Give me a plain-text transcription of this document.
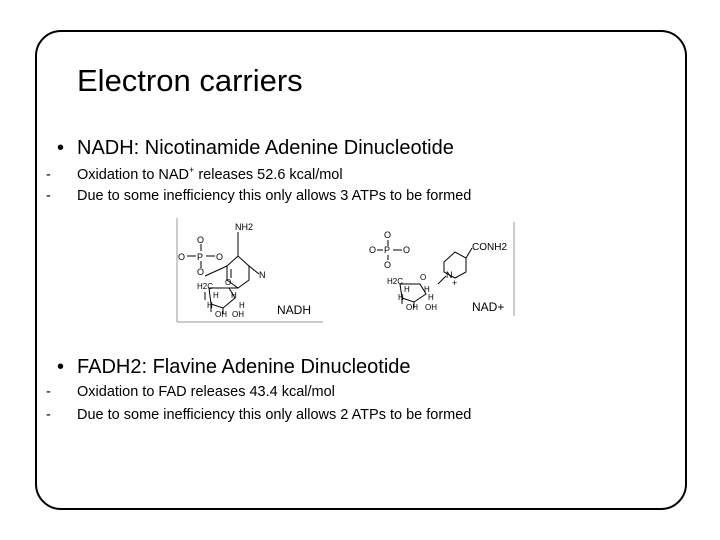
Electron carriers
• NADH: Nicotinamide Adenine Dinucleotide
- Oxidation to NAD+ releases 52.6 kcal/mol
- Due to some inefficiency this only allows 3 ATPs to be formed
O
P
O	O
O
NH2
N
H2C O
H H
H	H
OH OH	NADH
O
P
O	O
O
CONH2
N
+
H2C O
H H
H	H
OH OH	NAD+
• FADH2: Flavine Adenine Dinucleotide
- Oxidation to FAD releases 43.4 kcal/mol
- Due to some inefficiency this only allows 2 ATPs to be formed
